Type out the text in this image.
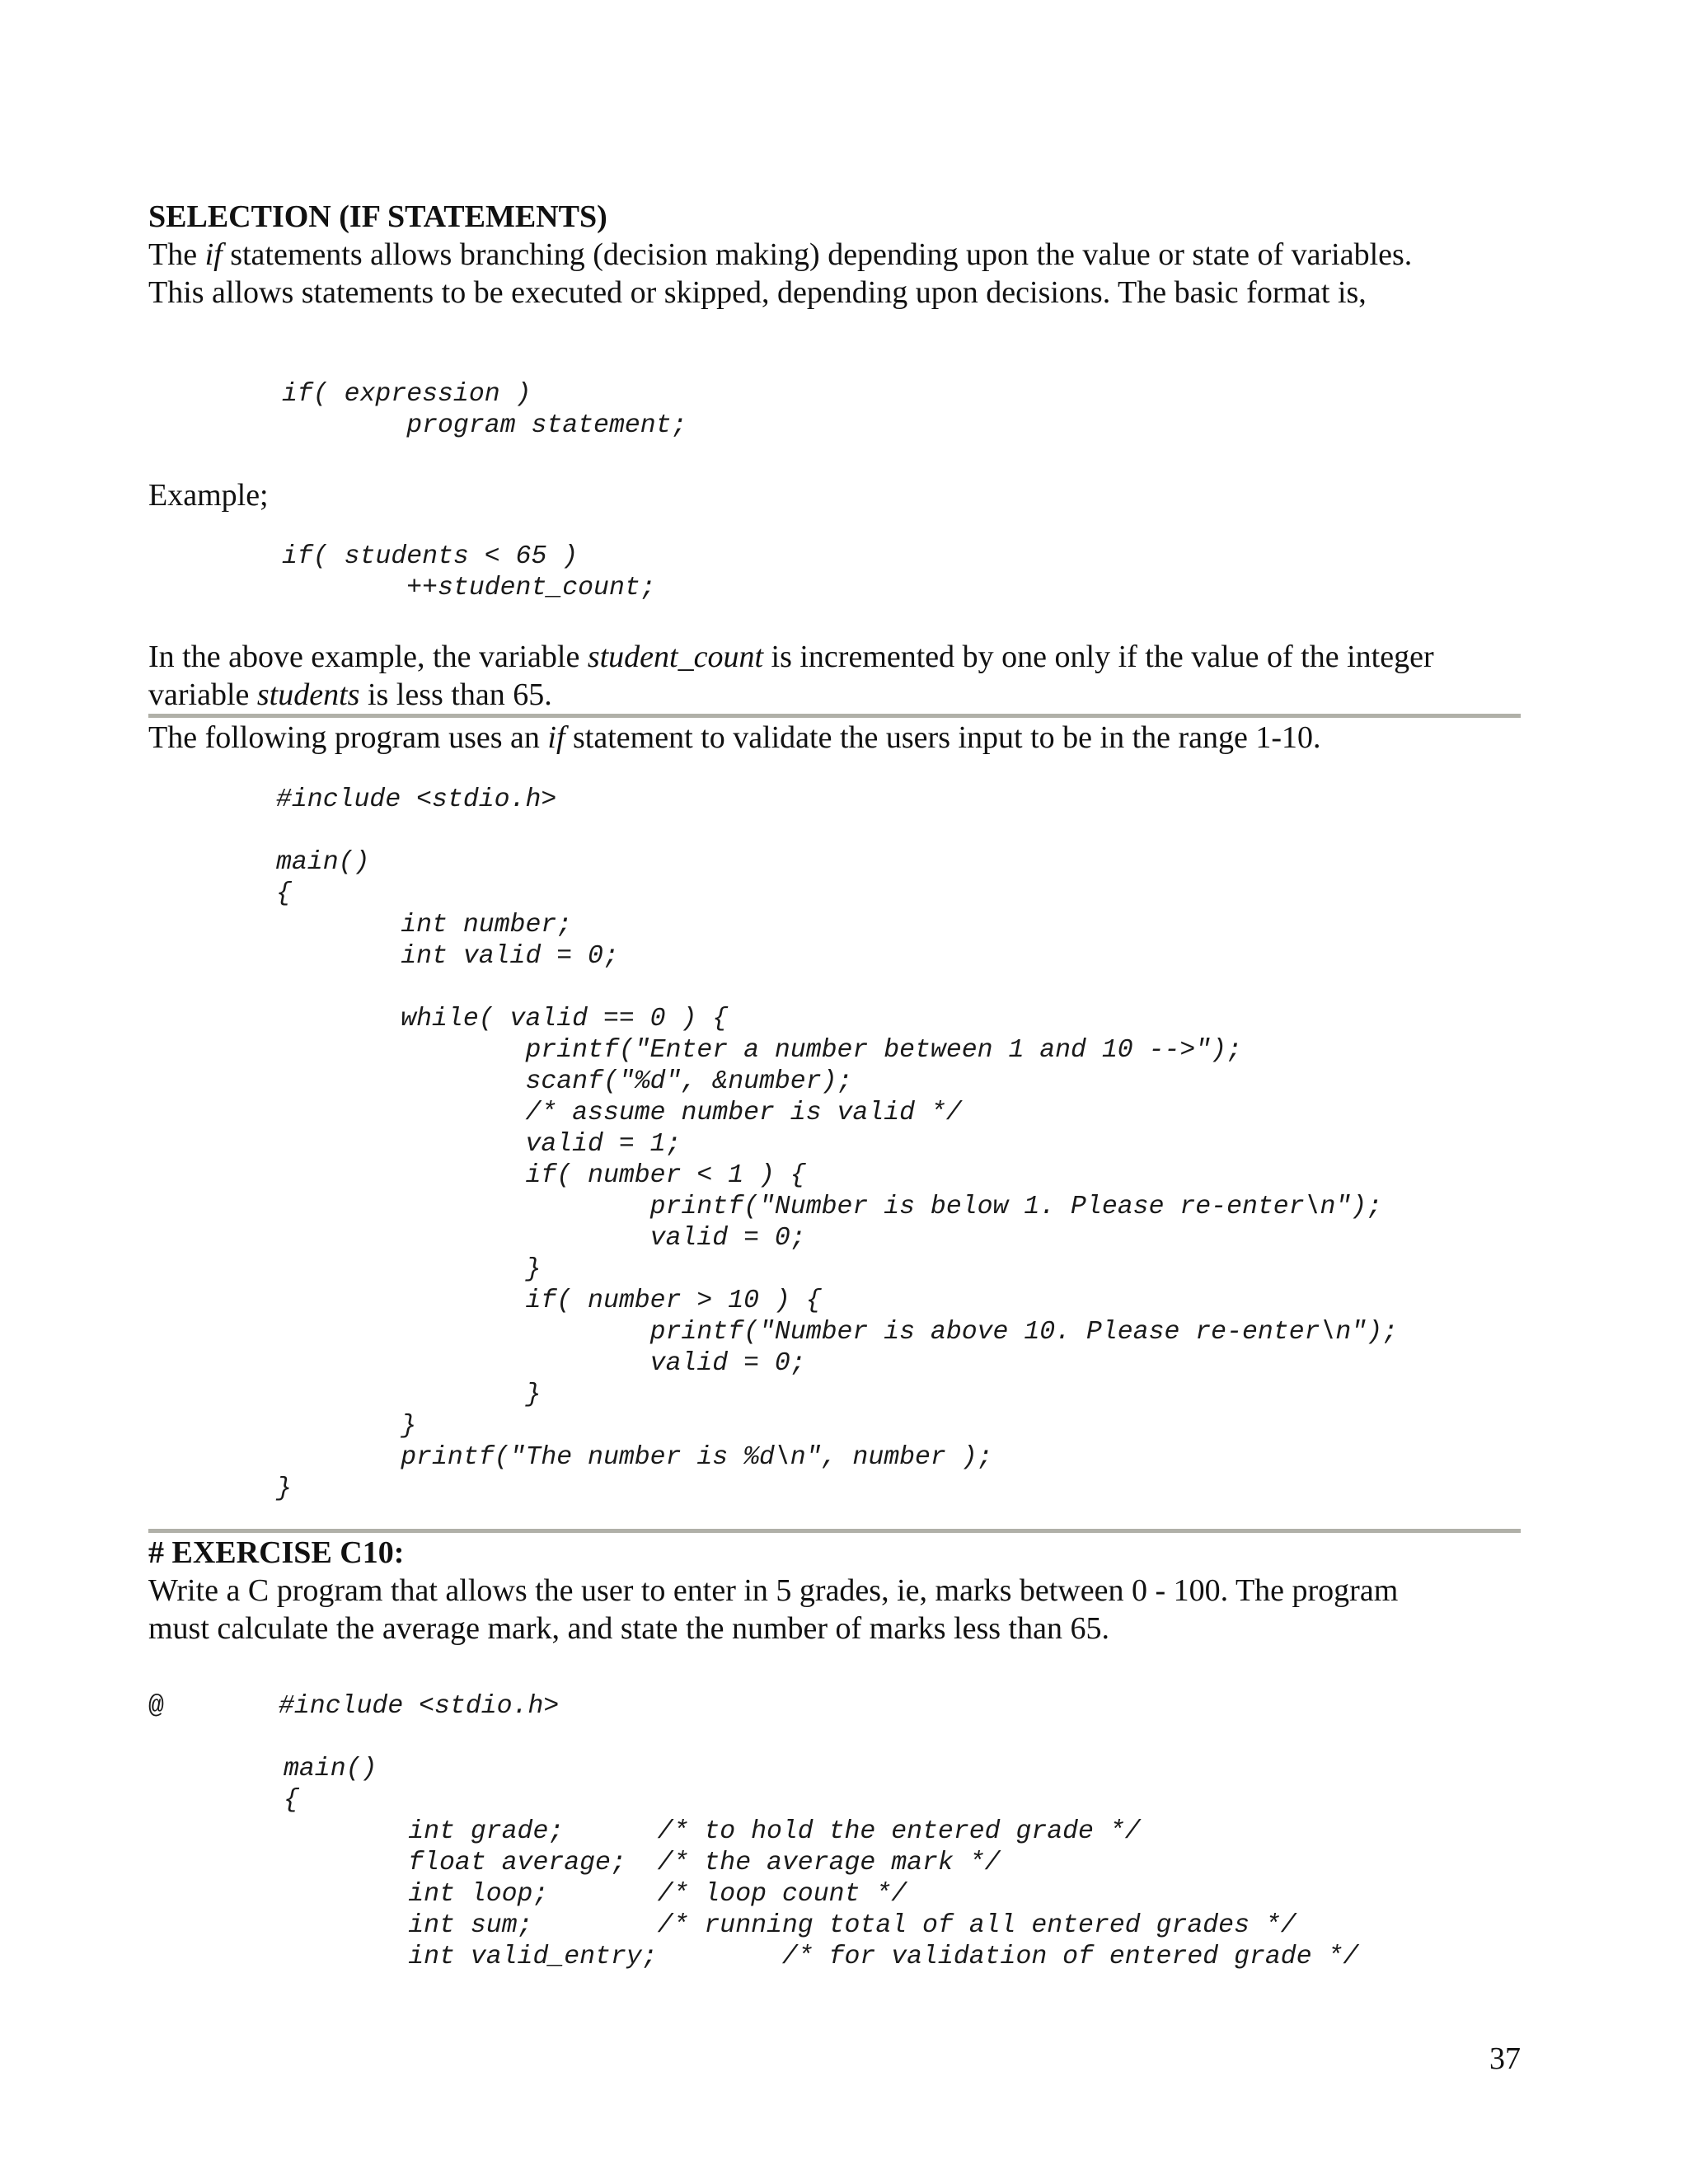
SELECTION (IF STATEMENTS)
The if statements allows branching (decision making) depending upon the value or state of variables.
This allows statements to be executed or skipped, depending upon decisions. The basic format is,
if( expression )
program statement;
Example;
if( students < 65 )
++student_count;
In the above example, the variable student_count is incremented by one only if the value of the integer
variable students is less than 65.
The following program uses an if statement to validate the users input to be in the range 1-10.
#include <stdio.h>
main()
{
int number;
int valid = 0;
while( valid == 0 ) {
printf("Enter a number between 1 and 10 -->");
scanf("%d", &number);
/* assume number is valid */
valid = 1;
if( number < 1 ) {
printf("Number is below 1. Please re-enter\n");
valid = 0;
}
if( number > 10 ) {
printf("Number is above 10. Please re-enter\n");
valid = 0;
}
}
printf("The number is %d\n", number );
}
# EXERCISE C10:
Write a C program that allows the user to enter in 5 grades, ie, marks between 0 - 100. The program
must calculate the average mark, and state the number of marks less than 65.
@	#include <stdio.h>
main()
{
int grade;      /* to hold the entered grade */
float average;  /* the average mark */
int loop;       /* loop count */
int sum;        /* running total of all entered grades */
int valid_entry;        /* for validation of entered grade */
37
